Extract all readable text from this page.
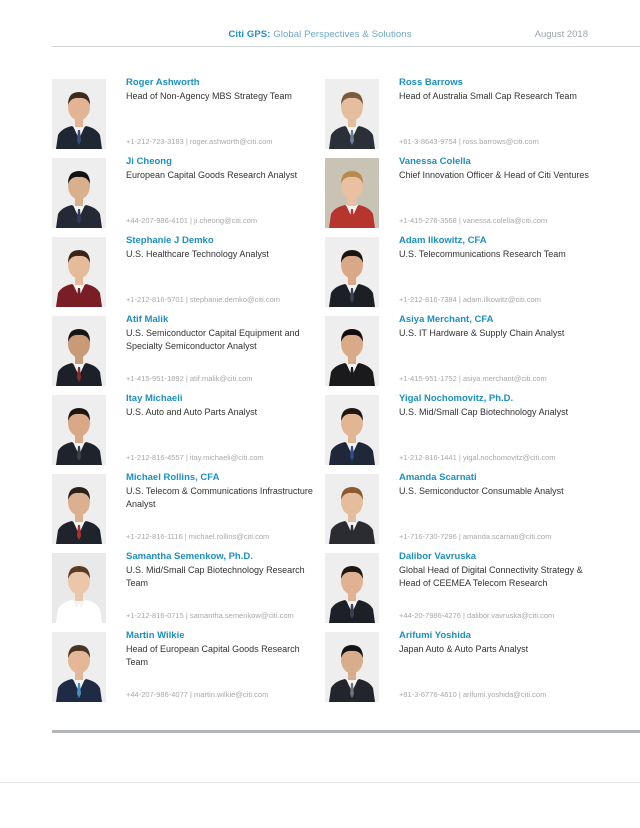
Citi GPS: Global Perspectives & Solutions	August 2018
Roger Ashworth
Head of Non-Agency MBS Strategy Team
+1-212-723-3183 | roger.ashworth@citi.com
Ross Barrows
Head of Australia Small Cap Research Team
+61-3-8643-9754 | ross.barrows@citi.com
Ji Cheong
European Capital Goods Research Analyst
+44-207-986-4101 | ji.cheong@citi.com
Vanessa Colella
Chief Innovation Officer & Head of Citi Ventures
+1-415-276-3568 | vanessa.colella@citi.com
Stephanie J Demko
U.S. Healthcare Technology Analyst
+1-212-816-5701 | stephanie.demko@citi.com
Adam Ilkowitz, CFA
U.S. Telecommunications Research Team
+1-212-816-7384 | adam.ilkowitz@citi.com
Atif Malik
U.S. Semiconductor Capital Equipment and Specialty Semiconductor Analyst
+1-415-951-1892 | atif.malik@citi.com
Asiya Merchant, CFA
U.S. IT Hardware & Supply Chain Analyst
+1-415-951-1752 | asiya.merchant@citi.com
Itay Michaeli
U.S. Auto and Auto Parts Analyst
+1-212-816-4557 | itay.michaeli@citi.com
Yigal Nochomovitz, Ph.D.
U.S. Mid/Small Cap Biotechnology Analyst
+1-212-816-1441 | yigal.nochomovitz@citi.com
Michael Rollins, CFA
U.S. Telecom & Communications Infrastructure Analyst
+1-212-816-1116 | michael.rollins@citi.com
Amanda Scarnati
U.S. Semiconductor Consumable Analyst
+1-716-730-7296 | amanda.scarnati@citi.com
Samantha Semenkow, Ph.D.
U.S. Mid/Small Cap Biotechnology Research Team
+1-212-816-0715 | samantha.semenkow@citi.com
Dalibor Vavruska
Global Head of Digital Connectivity Strategy & Head of CEEMEA Telecom Research
+44-20-7986-4276 | dalibor.vavruska@citi.com
Martin Wilkie
Head of European Capital Goods Research Team
+44-207-986-4077 | martin.wilkie@citi.com
Arifumi Yoshida
Japan Auto & Auto Parts Analyst
+81-3-6776-4610 | arifumi.yoshida@citi.com
